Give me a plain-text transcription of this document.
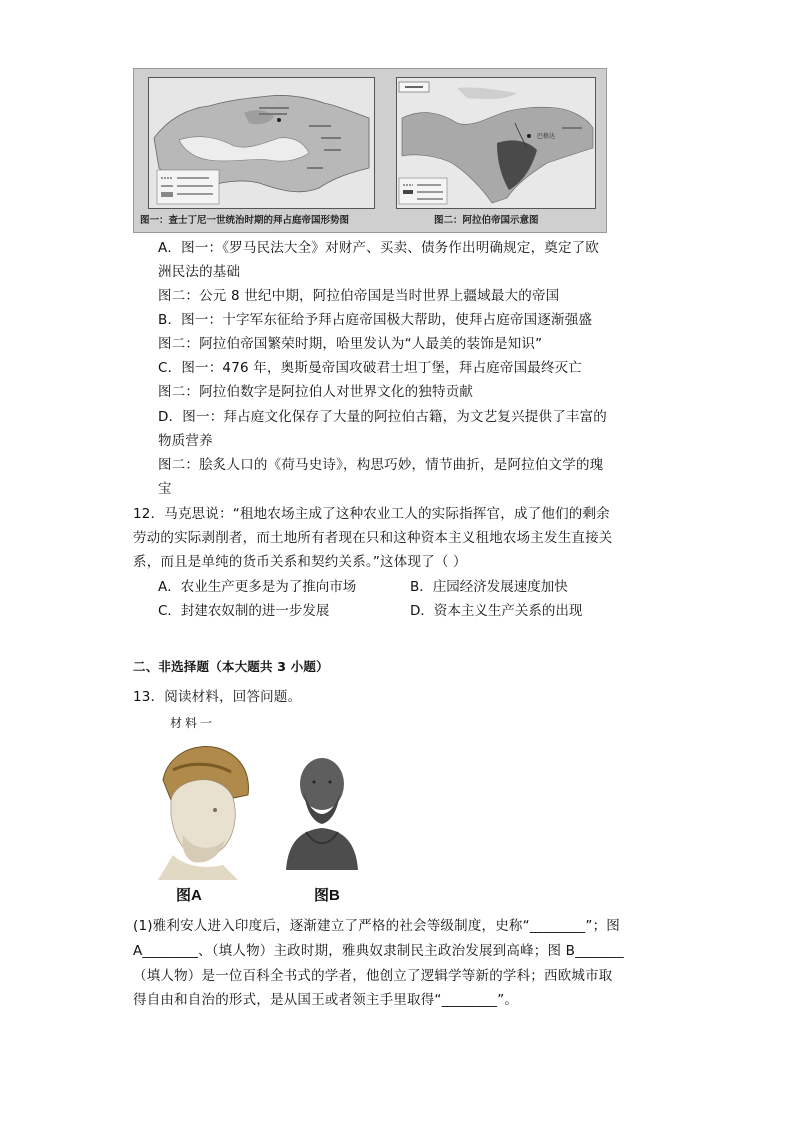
巴格达
图一：查士丁尼一世统治时期的拜占庭帝国形势图	图二：阿拉伯帝国示意图
A．图一：《罗马民法大全》对财产、买卖、债务作出明确规定，奠定了欧
洲民法的基础
图二：公元 8 世纪中期，阿拉伯帝国是当时世界上疆域最大的帝国
B．图一：十字军东征给予拜占庭帝国极大帮助，使拜占庭帝国逐渐强盛
图二：阿拉伯帝国繁荣时期，哈里发认为“人最美的装饰是知识”
C．图一：476 年，奥斯曼帝国攻破君士坦丁堡，拜占庭帝国最终灭亡
图二：阿拉伯数字是阿拉伯人对世界文化的独特贡献
D．图一：拜占庭文化保存了大量的阿拉伯古籍，为文艺复兴提供了丰富的
物质营养
图二：脍炙人口的《荷马史诗》，构思巧妙，情节曲折，是阿拉伯文学的瑰
宝
12．马克思说：“租地农场主成了这种农业工人的实际指挥官，成了他们的剩余
劳动的实际剥削者，而土地所有者现在只和这种资本主义租地农场主发生直接关
系，而且是单纯的货币关系和契约关系。”这体现了（ ）
A．农业生产更多是为了推向市场	B．庄园经济发展速度加快
C．封建农奴制的进一步发展	D．资本主义生产关系的出现
二、非选择题（本大题共 3 小题）
13．阅读材料，回答问题。
材料一
图A	图B
(1)雅利安人进入印度后，逐渐建立了严格的社会等级制度，史称“________”；图
A________、（填人物）主政时期，雅典奴隶制民主政治发展到高峰；图 B_______
（填人物）是一位百科全书式的学者，他创立了逻辑学等新的学科；西欧城市取
得自由和自治的形式，是从国王或者领主手里取得“________”。
